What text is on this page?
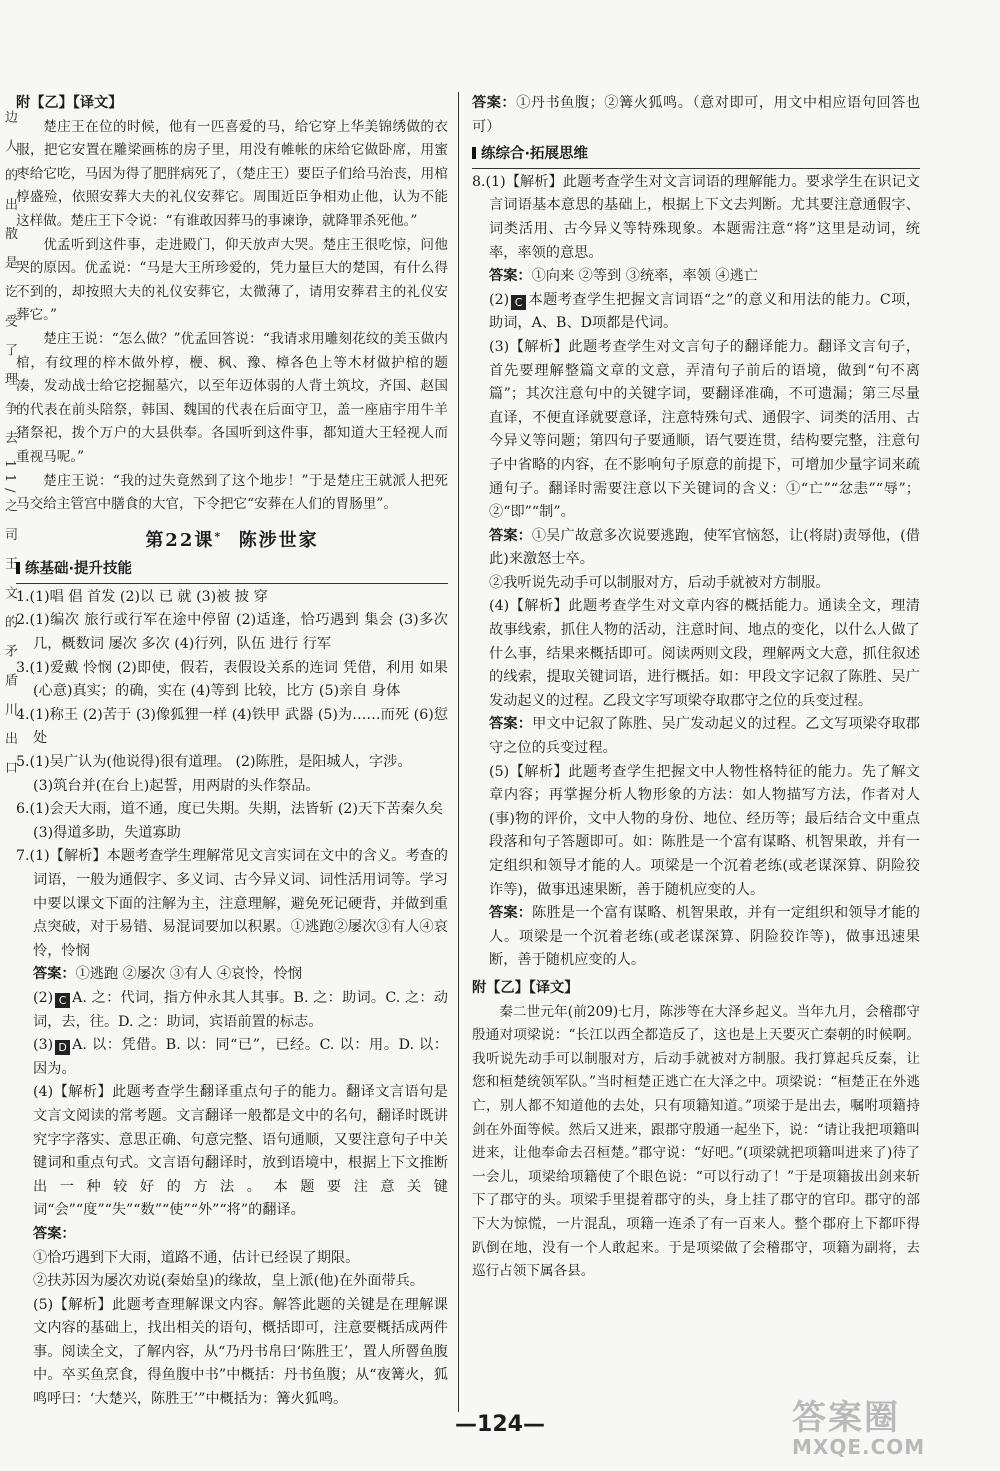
边 人 的 出 散 是 讫 受 了 理 争 去 11/之 司 王 文 的 矛 盾 川 出 口

附【乙】【译文】

楚庄王在位的时候，他有一匹喜爱的马，给它穿上华美锦绣做的衣服，把它安置在雕梁画栋的房子里，用没有帷帐的床给它做卧席，用蜜枣给它吃，马因为得了肥胖病死了，（楚庄王）要臣子们给马治丧，用棺椁盛殓，依照安葬大夫的礼仪安葬它。周围近臣争相劝止他，认为不能这样做。楚庄王下令说：“有谁敢因葬马的事谏诤，就降罪杀死他。”

优孟听到这件事，走进殿门，仰天放声大哭。楚庄王很吃惊，问他哭的原因。优孟说：“马是大王所珍爱的，凭力量巨大的楚国，有什么得不到的，却按照大夫的礼仪安葬它，太微薄了，请用安葬君主的礼仪安葬它。”

楚庄王说：“怎么做？”优孟回答说：“我请求用雕刻花纹的美玉做内棺，有纹理的梓木做外椁，楩、枫、豫、樟各色上等木材做护棺的题凑，发动战士给它挖掘墓穴，以至年迈体弱的人背土筑坟，齐国、赵国的代表在前头陪祭，韩国、魏国的代表在后面守卫，盖一座庙宇用牛羊猪祭祀，拨个万户的大县供奉。各国听到这件事，都知道大王轻视人而重视马呢。”

楚庄王说：“我的过失竟然到了这个地步！”于是楚庄王就派人把死马交给主管宫中膳食的大官，下令把它“安葬在人们的胃肠里”。

第22课* 陈涉世家
练基础·提升技能

1.(1)唱 倡 首发 (2)以 已 就 (3)被 披 穿

2.(1)编次 旅行或行军在途中停留 (2)适逢，恰巧遇到 集会 (3)多次 几，概数词 屡次 多次 (4)行列，队伍 进行 行军

3.(1)爱戴 怜悯 (2)即使，假若，表假设关系的连词 凭借，利用 如果 (心意)真实；的确，实在 (4)等到 比较，比方 (5)亲自 身体

4.(1)称王 (2)苦于 (3)像狐狸一样 (4)铁甲 武器 (5)为……而死 (6)愆处

5.(1)吴广认为(他说得)很有道理。 (2)陈胜，是阳城人，字涉。

(3)筑台并(在台上)起誓，用两尉的头作祭品。

6.(1)会天大雨，道不通，度已失期。失期，法皆斩 (2)天下苦秦久矣

(3)得道多助，失道寡助

7.(1)【解析】本题考查学生理解常见文言实词在文中的含义。考查的词语，一般为通假字、多义词、古今异义词、词性活用词等。学习中要以课文下面的注解为主，注意理解，避免死记硬背，并做到重点突破，对于易错、易混词要加以积累。①逃跑②屡次③有人④哀怜，怜悯

答案：①逃跑 ②屡次 ③有人 ④哀怜，怜悯

(2) C A. 之：代词，指方仲永其人其事。B. 之：助词。C. 之：动词，去，往。D. 之：助词，宾语前置的标志。

(3) D A. 以：凭借。B. 以：同“已”，已经。C. 以：用。D. 以：因为。

(4)【解析】此题考查学生翻译重点句子的能力。翻译文言语句是文言文阅读的常考题。文言翻译一般都是文中的名句，翻译时既讲究字字落实、意思正确、句意完整、语句通顺，又要注意句子中关键词和重点句式。文言语句翻译时，放到语境中，根据上下文推断出一种较好的方法。本题要注意关键词“会”“度”“失”“数”“使”“外”“将”的翻译。

答案：

①恰巧遇到下大雨，道路不通，估计已经误了期限。

②扶苏因为屡次劝说(秦始皇)的缘故，皇上派(他)在外面带兵。

(5)【解析】此题考查理解课文内容。解答此题的关键是在理解课文内容的基础上，找出相关的语句，概括即可，注意要概括成两件事。阅读全文，了解内容，从“乃丹书帛曰‘陈胜王’，置人所罾鱼腹中。卒买鱼烹食，得鱼腹中书”中概括：丹书鱼腹；从“夜篝火，狐鸣呼曰：‘大楚兴，陈胜王’”中概括为：篝火狐鸣。

答案：①丹书鱼腹；②篝火狐鸣。（意对即可，用文中相应语句回答也可）

练综合·拓展思维

8.(1)【解析】此题考查学生对文言词语的理解能力。要求学生在识记文言词语基本意思的基础上，根据上下文去判断。尤其要注意通假字、词类活用、古今异义等特殊现象。本题需注意“将”这里是动词，统率，率领的意思。

答案：①向来 ②等到 ③统率，率领 ④逃亡

(2) C 本题考查学生把握文言词语“之”的意义和用法的能力。C项，助词，A、B、D项都是代词。

(3)【解析】此题考查学生对文言句子的翻译能力。翻译文言句子，首先要理解整篇文章的文意，弄清句子前后的语境，做到“句不离篇”；其次注意句中的关键字词，要翻译准确，不可遗漏；第三尽量直译，不便直译就要意译，注意特殊句式、通假字、词类的活用、古今异义等问题；第四句子要通顺，语气要连贯，结构要完整，注意句子中省略的内容，在不影响句子原意的前提下，可增加少量字词来疏通句子。翻译时需要注意以下关键词的含义：①“亡”“忿恚”“辱”；②“即”“制”。

答案：①吴广故意多次说要逃跑，使军官恼怒，让(将尉)责辱他，(借此)来激怒士卒。

②我听说先动手可以制服对方，后动手就被对方制服。

(4)【解析】此题考查学生对文章内容的概括能力。通读全文，理清故事线索，抓住人物的活动，注意时间、地点的变化，以什么人做了什么事，结果来概括即可。阅读两则文段，理解两文大意，抓住叙述的线索，提取关键词语，进行概括。如：甲段文字记叙了陈胜、吴广发动起义的过程。乙段文字写项梁夺取郡守之位的兵变过程。

答案：甲文中记叙了陈胜、吴广发动起义的过程。乙文写项梁夺取郡守之位的兵变过程。

(5)【解析】此题考查学生把握文中人物性格特征的能力。先了解文章内容；再掌握分析人物形象的方法：如人物描写方法，作者对人(事)物的评价，文中人物的身份、地位、经历等；最后结合文中重点段落和句子答题即可。如：陈胜是一个富有谋略、机智果敢，并有一定组织和领导才能的人。项梁是一个沉着老练(或老谋深算、阴险狡诈等)，做事迅速果断，善于随机应变的人。

答案：陈胜是一个富有谋略、机智果敢，并有一定组织和领导才能的人。项梁是一个沉着老练(或老谋深算、阴险狡诈等)，做事迅速果断，善于随机应变的人。

附【乙】【译文】

秦二世元年(前209)七月，陈涉等在大泽乡起义。当年九月，会稽郡守殷通对项梁说：“长江以西全都造反了，这也是上天要灭亡秦朝的时候啊。我听说先动手可以制服对方，后动手就被对方制服。我打算起兵反秦，让您和桓楚统领军队。”当时桓楚正逃亡在大泽之中。项梁说：“桓楚正在外逃亡，别人都不知道他的去处，只有项籍知道。”项梁于是出去，嘱咐项籍持剑在外面等候。然后又进来，跟郡守殷通一起坐下，说：“请让我把项籍叫进来，让他奉命去召桓楚。”郡守说：“好吧。”(项梁就把项籍叫进来了)待了一会儿，项梁给项籍使了个眼色说：“可以行动了！”于是项籍拔出剑来斩下了郡守的头。项梁手里提着郡守的头，身上挂了郡守的官印。郡守的部下大为惊慌，一片混乱，项籍一连杀了有一百来人。整个郡府上下都吓得趴倒在地，没有一个人敢起来。于是项梁做了会稽郡守，项籍为副将，去巡行占领下属各县。

—124—	答案圈
MXQE.COM
